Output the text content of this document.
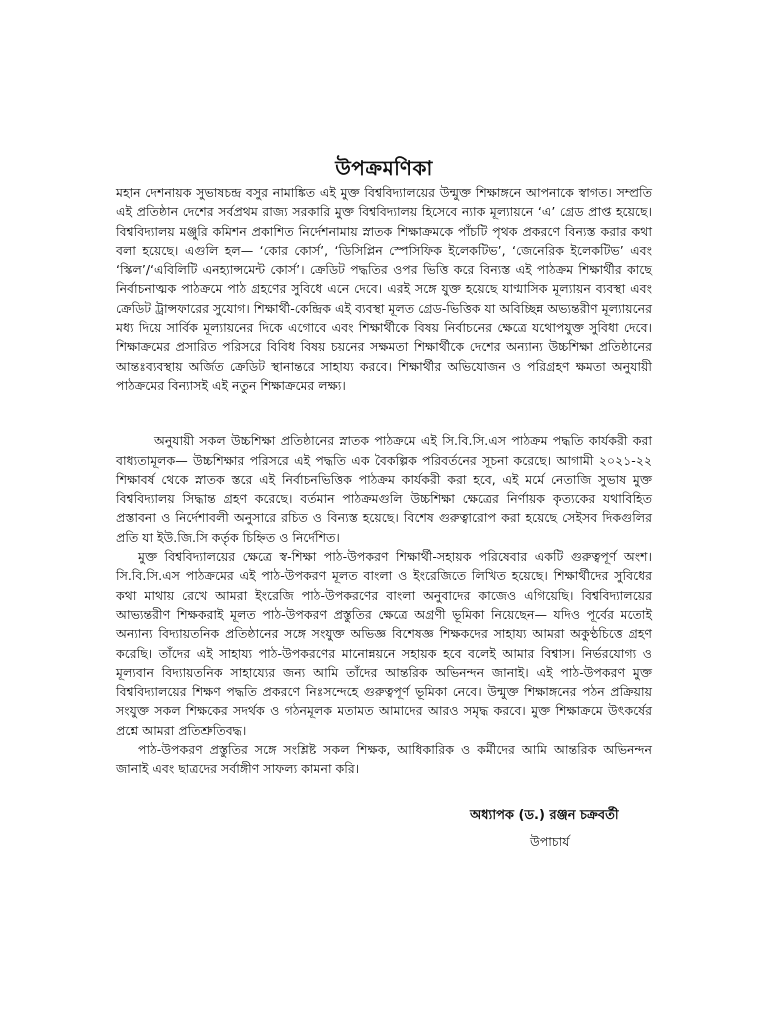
উপক্রমণিকা

মহান দেশনায়ক সুভাষচন্দ্র বসুর নামাঙ্কিত এই মুক্ত বিশ্ববিদ্যালয়ের উন্মুক্ত শিক্ষাঙ্গনে আপনাকে স্বাগত। সম্প্রতি এই প্রতিষ্ঠান দেশের সর্বপ্রথম রাজ্য সরকারি মুক্ত বিশ্ববিদ্যালয় হিসেবে ন্যাক মূল্যায়নে ‘এ’ গ্রেড প্রাপ্ত হয়েছে। বিশ্ববিদ্যালয় মঞ্জুরি কমিশন প্রকাশিত নির্দেশনামায় স্নাতক শিক্ষাক্রমকে পাঁচটি পৃথক প্রকরণে বিন্যস্ত করার কথা বলা হয়েছে। এগুলি হল— ‘কোর কোর্স’, ‘ডিসিপ্লিন স্পেসিফিক ইলেকটিভ’, ‘জেনেরিক ইলেকটিভ’ এবং ‘স্কিল’/‘এবিলিটি এনহ্যান্সমেন্ট কোর্স’। ক্রেডিট পদ্ধতির ওপর ভিত্তি করে বিন্যস্ত এই পাঠক্রম শিক্ষার্থীর কাছে নির্বাচনাত্মক পাঠক্রমে পাঠ গ্রহণের সুবিধে এনে দেবে। এরই সঙ্গে যুক্ত হয়েছে যাণ্মাসিক মূল্যায়ন ব্যবস্থা এবং ক্রেডিট ট্রান্সফারের সুযোগ। শিক্ষার্থী-কেন্দ্রিক এই ব্যবস্থা মূলত গ্রেড-ভিত্তিক যা অবিচ্ছিন্ন অভ্যন্তরীণ মূল্যায়নের মধ্য দিয়ে সার্বিক মূল্যায়নের দিকে এগোবে এবং শিক্ষার্থীকে বিষয় নির্বাচনের ক্ষেত্রে যথোপযুক্ত সুবিধা দেবে। শিক্ষাক্রমের প্রসারিত পরিসরে বিবিধ বিষয় চয়নের সক্ষমতা শিক্ষার্থীকে দেশের অন্যান্য উচ্চশিক্ষা প্রতিষ্ঠানের আন্তঃব্যবস্থায় অর্জিত ক্রেডিট স্থানান্তরে সাহায্য করবে। শিক্ষার্থীর অভিযোজন ও পরিগ্রহণ ক্ষমতা অনুযায়ী পাঠক্রমের বিন্যাসই এই নতুন শিক্ষাক্রমের লক্ষ্য।

অনুযায়ী সকল উচ্চশিক্ষা প্রতিষ্ঠানের স্নাতক পাঠক্রমে এই সি.বি.সি.এস পাঠক্রম পদ্ধতি কার্যকরী করা বাধ্যতামূলক— উচ্চশিক্ষার পরিসরে এই পদ্ধতি এক বৈকল্পিক পরিবর্তনের সূচনা করেছে। আগামী ২০২১-২২ শিক্ষাবর্ষ থেকে স্নাতক স্তরে এই নির্বাচনভিত্তিক পাঠক্রম কার্যকরী করা হবে, এই মর্মে নেতাজি সুভাষ মুক্ত বিশ্ববিদ্যালয় সিদ্ধান্ত গ্রহণ করেছে। বর্তমান পাঠক্রমগুলি উচ্চশিক্ষা ক্ষেত্রের নির্ণায়ক কৃত্যকের যথাবিহিত প্রস্তাবনা ও নির্দেশাবলী অনুসারে রচিত ও বিন্যস্ত হয়েছে। বিশেষ গুরুত্বারোপ করা হয়েছে সেইসব দিকগুলির প্রতি যা ইউ.জি.সি কর্তৃক চিহ্নিত ও নির্দেশিত।

মুক্ত বিশ্ববিদ্যালয়ের ক্ষেত্রে স্ব-শিক্ষা পাঠ-উপকরণ শিক্ষার্থী-সহায়ক পরিষেবার একটি গুরুত্বপূর্ণ অংশ। সি.বি.সি.এস পাঠক্রমের এই পাঠ-উপকরণ মূলত বাংলা ও ইংরেজিতে লিখিত হয়েছে। শিক্ষার্থীদের সুবিধের কথা মাথায় রেখে আমরা ইংরেজি পাঠ-উপকরণের বাংলা অনুবাদের কাজেও এগিয়েছি। বিশ্ববিদ্যালয়ের আভ্যন্তরীণ শিক্ষকরাই মূলত পাঠ-উপকরণ প্রস্তুতির ক্ষেত্রে অগ্রণী ভূমিকা নিয়েছেন— যদিও পূর্বের মতোই অন্যান্য বিদ্যায়তনিক প্রতিষ্ঠানের সঙ্গে সংযুক্ত অভিজ্ঞ বিশেষজ্ঞ শিক্ষকদের সাহায্য আমরা অকুণ্ঠচিত্তে গ্রহণ করেছি। তাঁদের এই সাহায্য পাঠ-উপকরণের মানোন্নয়নে সহায়ক হবে বলেই আমার বিশ্বাস। নির্ভরযোগ্য ও মূল্যবান বিদ্যায়তনিক সাহায্যের জন্য আমি তাঁদের আন্তরিক অভিনন্দন জানাই। এই পাঠ-উপকরণ মুক্ত বিশ্ববিদ্যালয়ের শিক্ষণ পদ্ধতি প্রকরণে নিঃসন্দেহে গুরুত্বপূর্ণ ভূমিকা নেবে। উন্মুক্ত শিক্ষাঙ্গনের পঠন প্রক্রিয়ায় সংযুক্ত সকল শিক্ষকের সদর্থক ও গঠনমূলক মতামত আমাদের আরও সমৃদ্ধ করবে। মুক্ত শিক্ষাক্রমে উৎকর্ষের প্রশ্নে আমরা প্রতিশ্রুতিবদ্ধ।

পাঠ-উপকরণ প্রস্তুতির সঙ্গে সংশ্লিষ্ট সকল শিক্ষক, আধিকারিক ও কর্মীদের আমি আন্তরিক অভিনন্দন জানাই এবং ছাত্রদের সর্বাঙ্গীণ সাফল্য কামনা করি।

অধ্যাপক (ড.) রঞ্জন চক্রবর্তী
উপাচার্য
